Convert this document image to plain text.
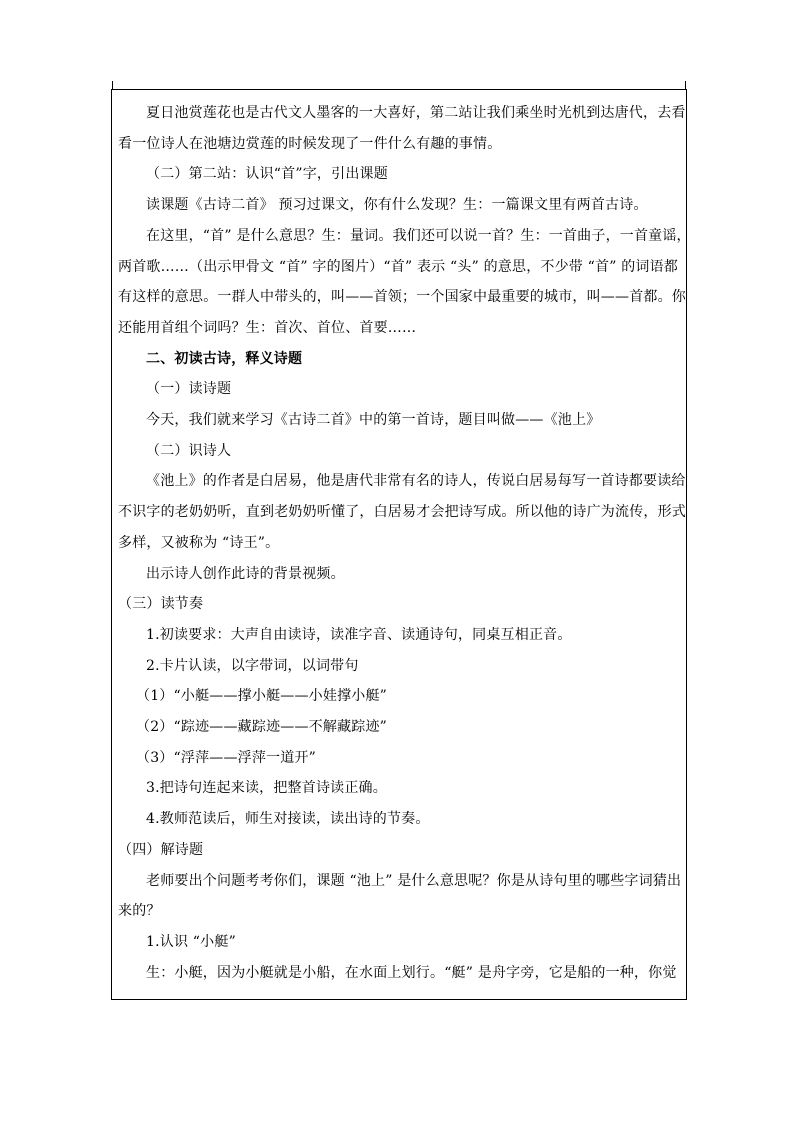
夏日池赏莲花也是古代文人墨客的一大喜好，第二站让我们乘坐时光机到达唐代，去看

看一位诗人在池塘边赏莲的时候发现了一件什么有趣的事情。

（二）第二站：认识“首”字，引出课题

读课题《古诗二首》 预习过课文，你有什么发现？生：一篇课文里有两首古诗。

在这里，“首” 是什么意思？生：量词。我们还可以说一首？生：一首曲子，一首童谣，

两首歌……（出示甲骨文 “首” 字的图片）“首” 表示 “头” 的意思，不少带 “首” 的词语都

有这样的意思。一群人中带头的，叫——首领；一个国家中最重要的城市，叫——首都。你

还能用首组个词吗？生：首次、首位、首要……

二、初读古诗，释义诗题

（一）读诗题

今天，我们就来学习《古诗二首》中的第一首诗，题目叫做——《池上》

（二）识诗人

《池上》的作者是白居易，他是唐代非常有名的诗人，传说白居易每写一首诗都要读给

不识字的老奶奶听，直到老奶奶听懂了，白居易才会把诗写成。所以他的诗广为流传，形式

多样，又被称为 “诗王”。

出示诗人创作此诗的背景视频。

（三）读节奏

1.初读要求：大声自由读诗，读准字音、读通诗句，同桌互相正音。

2.卡片认读，以字带词，以词带句

（1）“小艇——撑小艇——小娃撑小艇”

（2）“踪迹——藏踪迹——不解藏踪迹”

（3）“浮萍——浮萍一道开”

3.把诗句连起来读，把整首诗读正确。

4.教师范读后，师生对接读，读出诗的节奏。

（四）解诗题

老师要出个问题考考你们，课题 “池上” 是什么意思呢？你是从诗句里的哪些字词猜出

来的？

1.认识 “小艇”

生：小艇，因为小艇就是小船，在水面上划行。“艇” 是舟字旁，它是船的一种，你觉
